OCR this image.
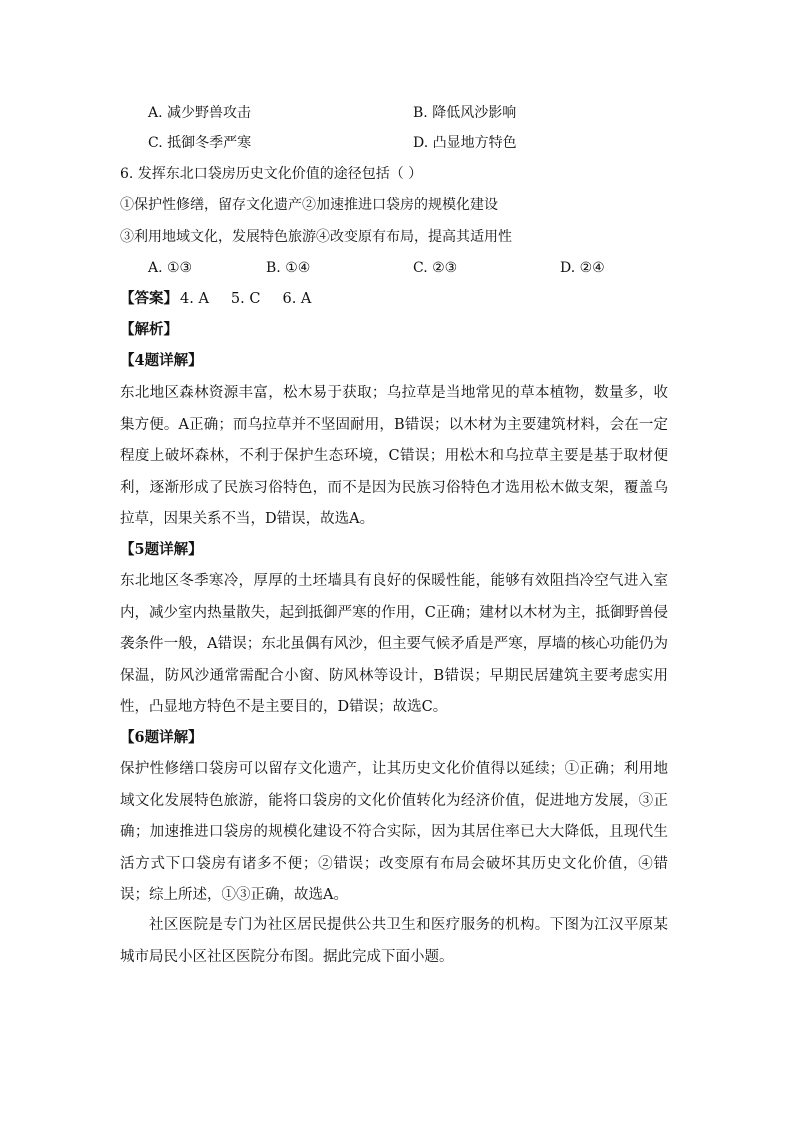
A. 减少野兽攻击	B. 降低风沙影响
C. 抵御冬季严寒	D. 凸显地方特色
6. 发挥东北口袋房历史文化价值的途径包括（ ）
①保护性修缮，留存文化遗产②加速推进口袋房的规模化建设
③利用地域文化，发展特色旅游④改变原有布局，提高其适用性
A. ①③	B. ①④	C. ②③	D. ②④
【答案】 4. A 5. C 6. A
【解析】
【4题详解】
东北地区森林资源丰富，松木易于获取；乌拉草是当地常见的草本植物，数量多，收集方便。A正确；而乌拉草并不坚固耐用，B错误；以木材为主要建筑材料，会在一定程度上破坏森林，不利于保护生态环境，C错误；用松木和乌拉草主要是基于取材便利，逐渐形成了民族习俗特色，而不是因为民族习俗特色才选用松木做支架，覆盖乌拉草，因果关系不当，D错误，故选A。
【5题详解】
东北地区冬季寒冷，厚厚的土坯墙具有良好的保暖性能，能够有效阻挡冷空气进入室内，减少室内热量散失，起到抵御严寒的作用，C正确；建材以木材为主，抵御野兽侵袭条件一般，A错误；东北虽偶有风沙，但主要气候矛盾是严寒，厚墙的核心功能仍为保温，防风沙通常需配合小窗、防风林等设计，B错误；早期民居建筑主要考虑实用性，凸显地方特色不是主要目的，D错误；故选C。
【6题详解】
保护性修缮口袋房可以留存文化遗产，让其历史文化价值得以延续；①正确；利用地域文化发展特色旅游，能将口袋房的文化价值转化为经济价值，促进地方发展，③正确；加速推进口袋房的规模化建设不符合实际，因为其居住率已大大降低，且现代生活方式下口袋房有诸多不便；②错误；改变原有布局会破坏其历史文化价值，④错误；综上所述，①③正确，故选A。
社区医院是专门为社区居民提供公共卫生和医疗服务的机构。下图为江汉平原某城市局民小区社区医院分布图。据此完成下面小题。
